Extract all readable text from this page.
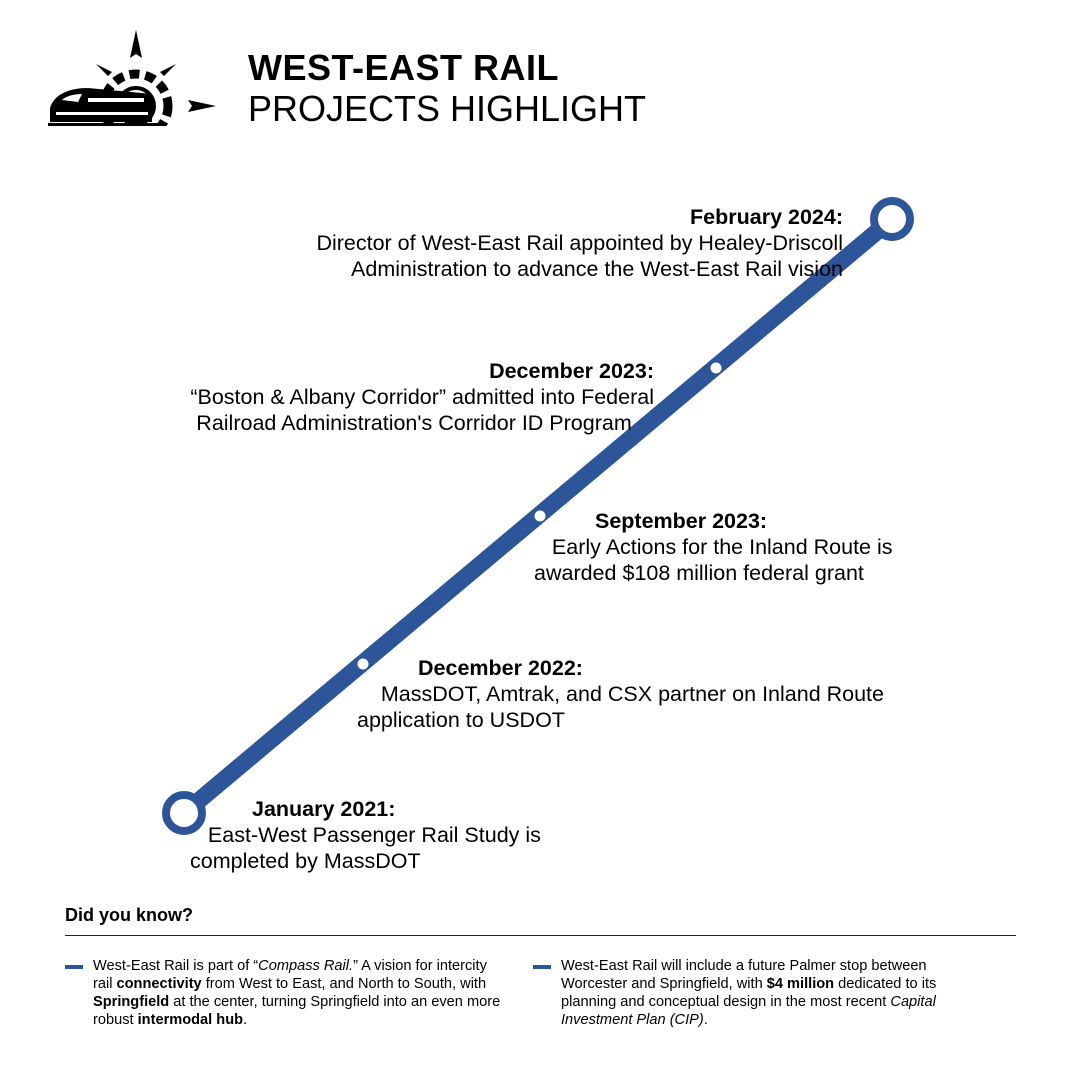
WEST-EAST RAIL
PROJECTS HIGHLIGHT
February 2024:
Director of West-East Rail appointed by Healey-Driscoll
Administration to advance the West-East Rail vision
December 2023:
“Boston & Albany Corridor” admitted into Federal
Railroad Administration's Corridor ID Program
September 2023:
Early Actions for the Inland Route is
awarded $108 million federal grant
December 2022:
MassDOT, Amtrak, and CSX partner on Inland Route
application to USDOT
January 2021:
East-West Passenger Rail Study is
completed by MassDOT
Did you know?
West-East Rail is part of “Compass Rail.” A vision for intercity rail connectivity from West to East, and North to South, with Springfield at the center, turning Springfield into an even more robust intermodal hub.
West-East Rail will include a future Palmer stop between Worcester and Springfield, with $4 million dedicated to its planning and conceptual design in the most recent Capital Investment Plan (CIP).
